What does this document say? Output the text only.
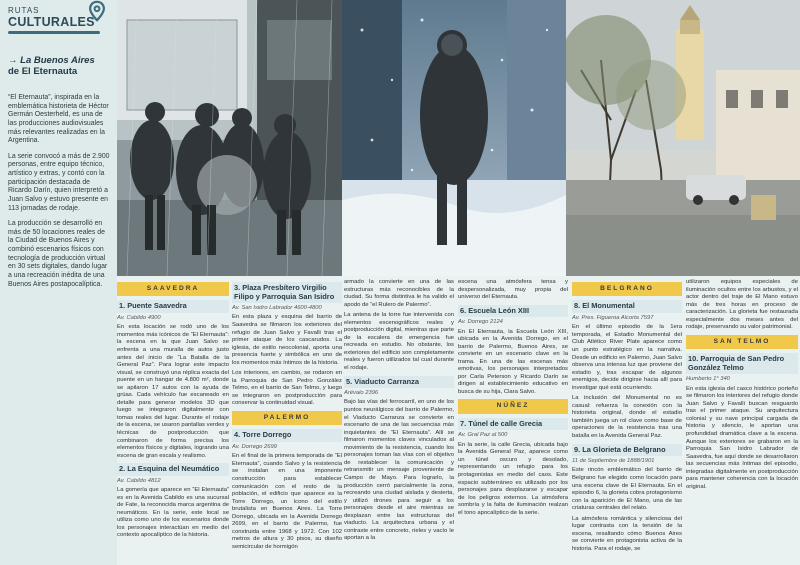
RUTAS
CULTURALES
→ La Buenos Aires
de El Eternauta

“El Eternauta”, inspirada en la emblemática historieta de Héctor Germán Oesterheld, es una de las producciones audiovisuales más relevantes realizadas en la Argentina.

La serie convocó a más de 2.900 personas, entre equipo técnico, artístico y extras, y contó con la participación destacada de Ricardo Darín, quien interpretó a Juan Salvo y estuvo presente en 113 jornadas de rodaje.

La producción se desarrolló en más de 50 locaciones reales de la Ciudad de Buenos Aires y combinó escenarios físicos con tecnología de producción virtual en 30 sets digitales, dando lugar a una recreación inédita de una Buenos Aires postapocalíptica.

SAAVEDRA
1. Puente Saavedra
Av. Cabildo 4900

En esta locación se rodó uno de los momentos más icónicos de “El Eternauta”: la escena en la que Juan Salvo se enfrenta a una muralla de autos justo antes del inicio de “La Batalla de la General Paz”. Para lograr este impacto visual, se construyó una réplica exacta del puente en un hangar de 4.800 m², donde se apilaron 17 autos con la ayuda de grúas. Cada vehículo fue escaneado en detalle para generar modelos 3D que luego se integraron digitalmente con tomas reales del lugar. Durante el rodaje de la escena, se usaron pantallas verdes y técnicas de postproducción que combinaron de forma precisa los elementos físicos y digitales, logrando una escena de gran escala y realismo.

2. La Esquina del Neumático
Av. Cabildo 4812

La gomería que aparece en “El Eternauta” es en la Avenida Cabildo es una sucursal de Fate, la reconocida marca argentina de neumáticos. En la serie, este local se utiliza como uno de los escenarios donde los personajes interactúan en medio del contexto apocalíptico de la historia.

3. Plaza Presbítero Virgilio Filipo y Parroquia San Isidro
Av. San Isidro Labrador 4600-4800

En esta plaza y esquina del barrio de Saavedra se filmaron los exteriores del refugio de Juan Salvo y Favalli tras el primer ataque de los cascarudos. La iglesia, de estilo neocolonial, aporta una presencia fuerte y simbólica en uno de los momentos más íntimos de la historia.

Los interiores, en cambio, se rodaron en la Parroquia de San Pedro González Telmo, en el barrio de San Telmo, y luego se integraron en postproducción para conservar la continuidad visual.

PALERMO
4. Torre Dorrego
Av. Dorrego 2699

En el final de la primera temporada de “El Eternauta”, cuando Salvo y la resistencia se instalan en una imponente construcción para establecer comunicación con el resto de la población, el edificio que aparece es la Torre Dorrego, un ícono del estilo brutalista en Buenos Aires. La Torre Dorrego, ubicada en la Avenida Dorrego 2699, en el barrio de Palermo, fue construida entre 1968 y 1972. Con 102 metros de altura y 30 pisos, su diseño semicircular de hormigón

armado la convierte en una de las estructuras más reconocibles de la ciudad. Su forma distintiva le ha valido el apodo de “el Rulero de Palermo”.

La antena de la torre fue intervenida con elementos escenográficos reales y postproducción digital, mientras que parte de la escalera de emergencia fue recreada en estudio. No obstante, los exteriores del edificio son completamente reales y fueron utilizados tal cual durante el rodaje.

5. Viaducto Carranza
Arévalo 2396

Bajo las vías del ferrocarril, en uno de los puntos neurálgicos del barrio de Palermo, el Viaducto Carranza se convierte en escenario de una de las secuencias más inquietantes de “El Eternauta”. Allí se filmaron momentos claves vinculados al movimiento de la resistencia, cuando los personajes toman las vías con el objetivo de restablecer la comunicación y retransmitir un mensaje proveniente de Campo de Mayo. Para lograrlo, la producción cerró parcialmente la zona, recreando una ciudad aislada y desierta, y utilizó drones para seguir a los personajes desde el aire mientras se desplazan entre las estructuras del viaducto. La arquitectura urbana y el contraste entre concreto, rieles y vacío le aportan a la

escena una atmósfera tensa y despersonalizada, muy propia del universo del Eternauta.

6. Escuela León XIII
Av. Dorrego 2124

En El Eternauta, la Escuela León XIII, ubicada en la Avenida Dorrego, en el barrio de Palermo, Buenos Aires, se convierte en un escenario clave en la trama. En una de las escenas más emotivas, los personajes interpretados por Carla Peterson y Ricardo Darín se dirigen al establecimiento educativo en busca de su hija, Clara Salvo.

NÚÑEZ
7. Túnel de calle Grecia
Av. Gral Paz al 500

En la serie, la calle Grecia, ubicada bajo la Avenida General Paz, aparece como un túnel oscuro y desolado, representando un refugio para los protagonistas en medio del caos. Este espacio subterráneo es utilizado por los personajes para desplazarse y escapar de los peligros externos. La atmósfera sombría y la falta de iluminación realzan el tono apocalíptico de la serie.

BELGRANO
8. El Monumental
Av. Pres. Figueroa Alcorta 7597

En el último episodio de la 1era temporada, el Estadio Monumental del Club Atlético River Plate aparece como un punto estratégico en la narrativa. Desde un edificio en Palermo, Juan Salvo observa una intensa luz que proviene del estadio y, tras escapar de algunos enemigos, decide dirigirse hacia allí para investigar qué está ocurriendo.

La inclusión del Monumental no es casual: refuerza la conexión con la historieta original, donde el estadio también juega un rol clave como base de operaciones de la resistencia tras una batalla en la Avenida General Paz.

9. La Glorieta de Belgrano
11 de Septiembre de 1888/1901

Este rincón emblemático del barrio de Belgrano fue elegido como locación para una escena clave de El Eternauta. En el episodio 6, la glorieta cobra protagonismo con la aparición de El Mano, una de las criaturas centrales del relato.

La atmósfera romántica y silenciosa del lugar contrasta con la tensión de la escena, resaltando cómo Buenos Aires se convierte en protagonista activa de la historia. Para el rodaje, se

utilizaron equipos especiales de iluminación ocultos entre los arbustos, y el actor dentro del traje de El Mano estuvo más de tres horas en proceso de caracterización. La glorieta fue restaurada especialmente dos meses antes del rodaje, preservando su valor patrimonial.

SAN TELMO
10. Parroquia de San Pedro González Telmo
Humberto 1° 340

En esta iglesia del casco histórico porteño se filmaron los interiores del refugio donde Juan Salvo y Favalli buscan resguardo tras el primer ataque. Su arquitectura colonial y su nave principal cargada de historia y silencio, le aportan una profundidad dramática clave a la escena. Aunque los exteriores se grabaron en la Parroquia San Isidro Labrador de Saavedra, fue aquí donde se desarrollaron las secuencias más íntimas del episodio, integradas digitalmente en postproducción para mantener coherencia con la locación original.
